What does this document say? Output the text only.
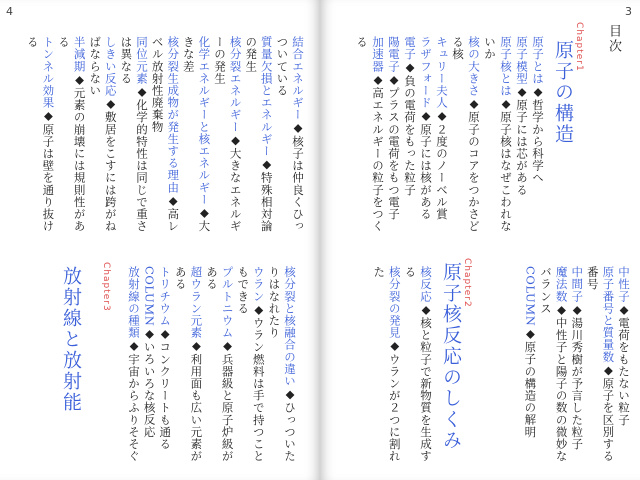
4
結合エネルギー◆核子は仲良くひっ
ついている
質量欠損とエネルギー◆特殊相対論
の発生
核分裂エネルギー◆大きなエネルギ
ーの発生
化学エネルギーと核エネルギー◆大
きな差
核分裂生成物が発生する理由◆高レ
ベル放射性廃棄物
同位元素◆化学的特性は同じで重さ
は異なる
しきい反応◆敷居をこすには跨がね
ばならない
半減期◆元素の崩壊には規則性があ
る
トンネル効果◆原子は壁を通り抜け
る
Chapter3
放射線と放射能	核分裂と核融合の違い◆ひっついた
りはなれたり
ウラン◆ウラン燃料は手で持つこと
もできる
プルトニウム◆兵器級と原子炉級が
ある
超ウラン元素◆利用面も広い元素が
ある
トリチウム◆コンクリートも通る
COLUMN◆いろいろな核反応
放射線の種類◆宇宙からふりそそぐ
3
目次
Chapter1
原子の構造
原子とは◆哲学から科学へ
原子模型◆原子には芯がある
原子核とは◆原子核はなぜこわれな
いか
核の大きさ◆原子のコアをつかさど
る核
キュリー夫人◆２度のノーベル賞
ラザフォード◆原子には核がある
電子◆負の電荷をもった粒子
陽電子◆プラスの電荷をもつ電子
加速器◆高エネルギーの粒子をつく
る
中性子◆電荷をもたない粒子
原子番号と質量数◆原子を区別する
番号
中間子◆湯川秀樹が予言した粒子
魔法数◆中性子と陽子の数の微妙な
バランス
COLUMN◆原子の構造の解明
Chapter2
原子核反応のしくみ
核反応◆核と粒子で新物質を生成す
る
核分裂の発見◆ウランが２つに割れ
た
